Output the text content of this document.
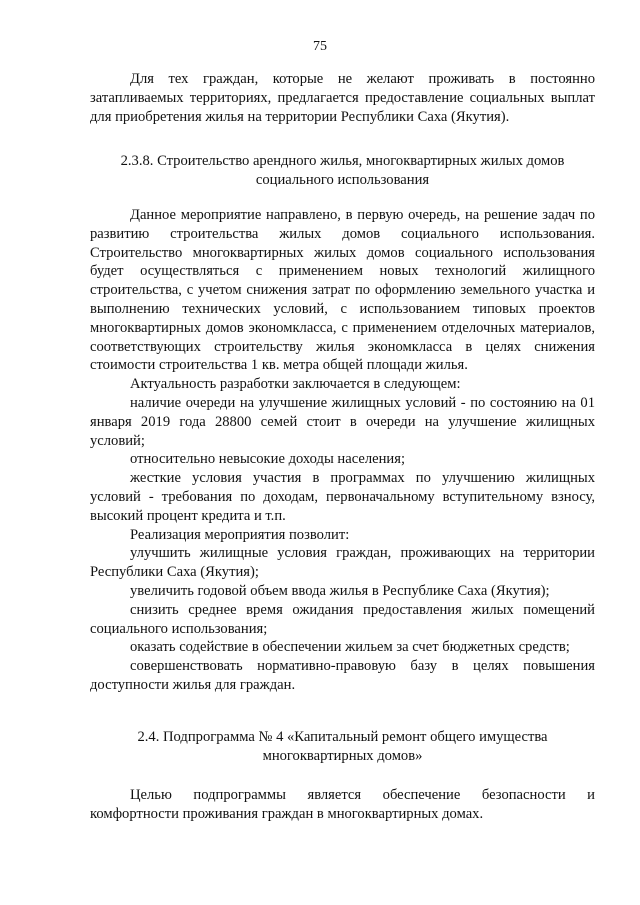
75

Для тех граждан, которые не желают проживать в постоянно затапливаемых территориях, предлагается предоставление социальных выплат для приобретения жилья на территории Республики Саха (Якутия).

2.3.8. Строительство арендного жилья, многоквартирных жилых домов
социального использования

Данное мероприятие направлено, в первую очередь, на решение задач по развитию строительства жилых домов социального использования. Строительство многоквартирных жилых домов социального использования будет осуществляться с применением новых технологий жилищного строительства, с учетом снижения затрат по оформлению земельного участка и выполнению технических условий, с использованием типовых проектов многоквартирных домов экономкласса, с применением отделочных материалов, соответствующих строительству жилья экономкласса в целях снижения стоимости строительства 1 кв. метра общей площади жилья.

Актуальность разработки заключается в следующем:

наличие очереди на улучшение жилищных условий - по состоянию на 01 января 2019 года 28800 семей стоит в очереди на улучшение жилищных условий;

относительно невысокие доходы населения;

жесткие условия участия в программах по улучшению жилищных условий - требования по доходам, первоначальному вступительному взносу, высокий процент кредита и т.п.

Реализация мероприятия позволит:

улучшить жилищные условия граждан, проживающих на территории Республики Саха (Якутия);

увеличить годовой объем ввода жилья в Республике Саха (Якутия);

снизить среднее время ожидания предоставления жилых помещений социального использования;

оказать содействие в обеспечении жильем за счет бюджетных средств;

совершенствовать нормативно-правовую базу в целях повышения доступности жилья для граждан.

2.4. Подпрограмма № 4 «Капитальный ремонт общего имущества
многоквартирных домов»

Целью подпрограммы является обеспечение безопасности и комфортности проживания граждан в многоквартирных домах.
